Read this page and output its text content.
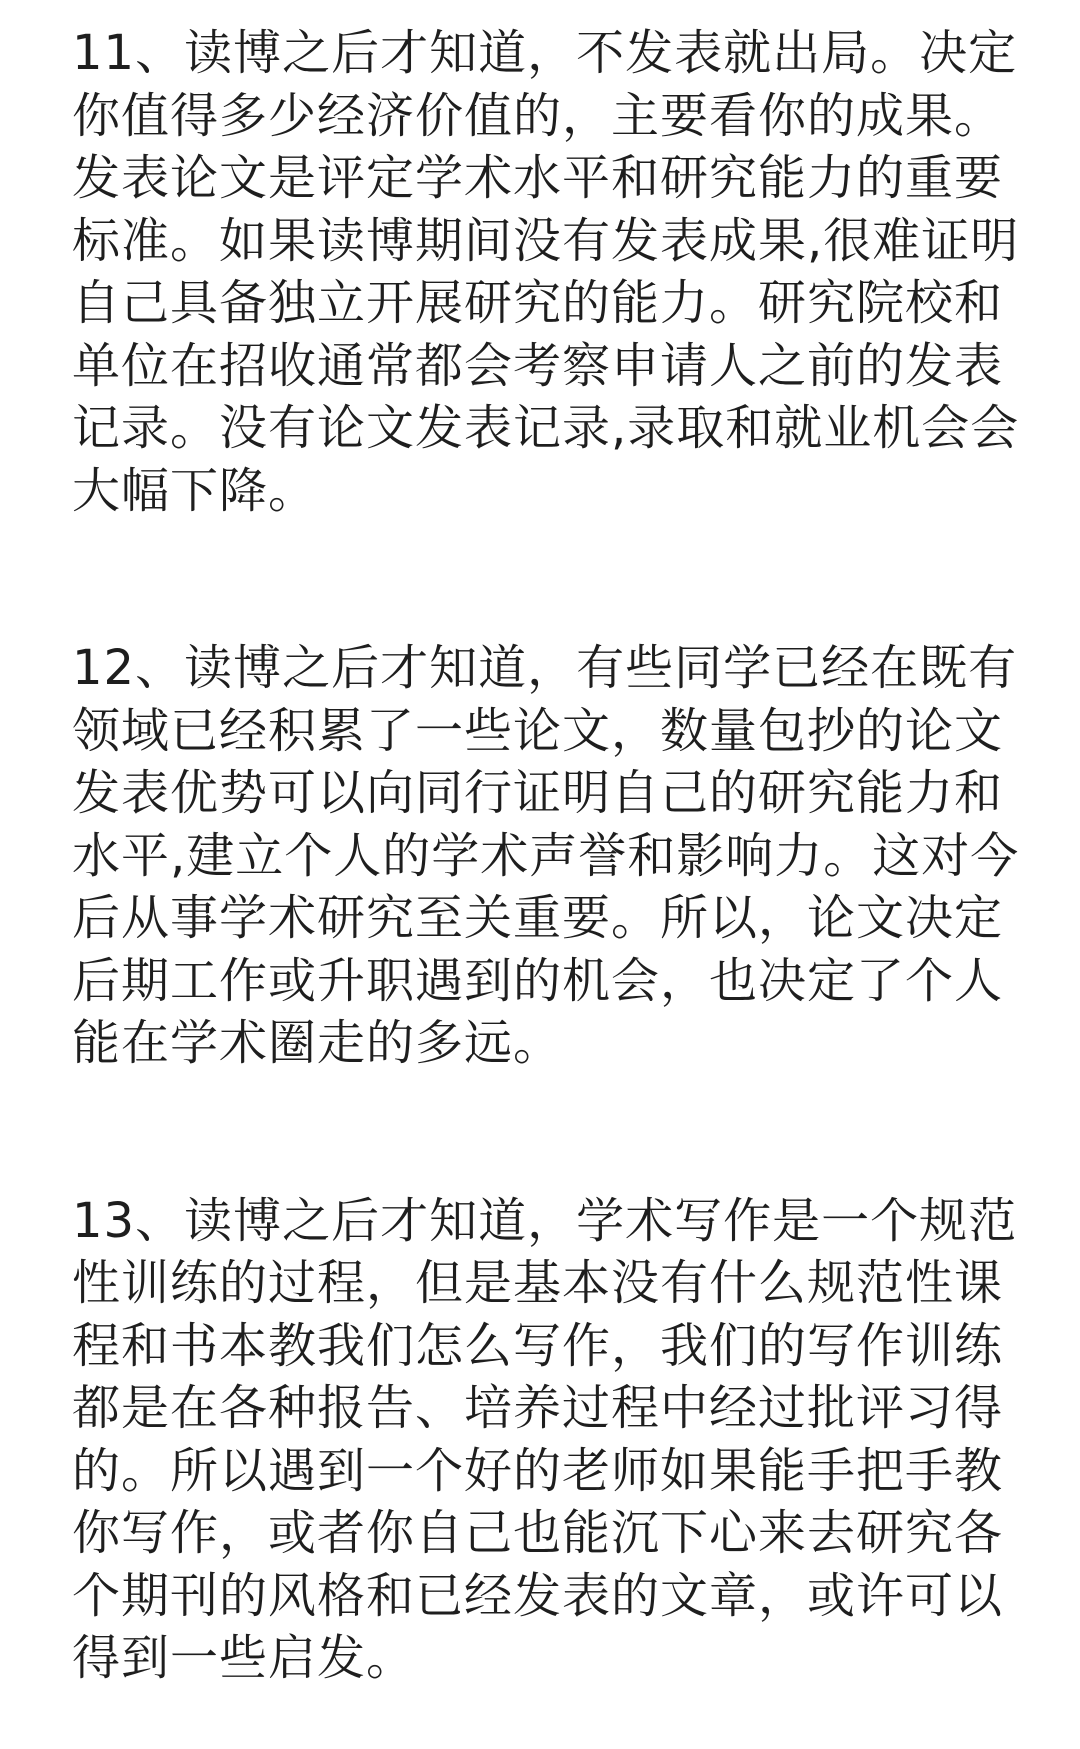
11、读博之后才知道，不发表就出局。决定
你值得多少经济价值的，主要看你的成果。
发表论文是评定学术水平和研究能力的重要
标准。如果读博期间没有发表成果,很难证明
自己具备独立开展研究的能力。研究院校和
单位在招收通常都会考察申请人之前的发表
记录。没有论文发表记录,录取和就业机会会
大幅下降。

12、读博之后才知道，有些同学已经在既有
领域已经积累了一些论文，数量包抄的论文
发表优势可以向同行证明自己的研究能力和
水平,建立个人的学术声誉和影响力。这对今
后从事学术研究至关重要。所以，论文决定
后期工作或升职遇到的机会，也决定了个人
能在学术圈走的多远。

13、读博之后才知道，学术写作是一个规范
性训练的过程，但是基本没有什么规范性课
程和书本教我们怎么写作，我们的写作训练
都是在各种报告、培养过程中经过批评习得
的。所以遇到一个好的老师如果能手把手教
你写作，或者你自己也能沉下心来去研究各
个期刊的风格和已经发表的文章，或许可以
得到一些启发。
